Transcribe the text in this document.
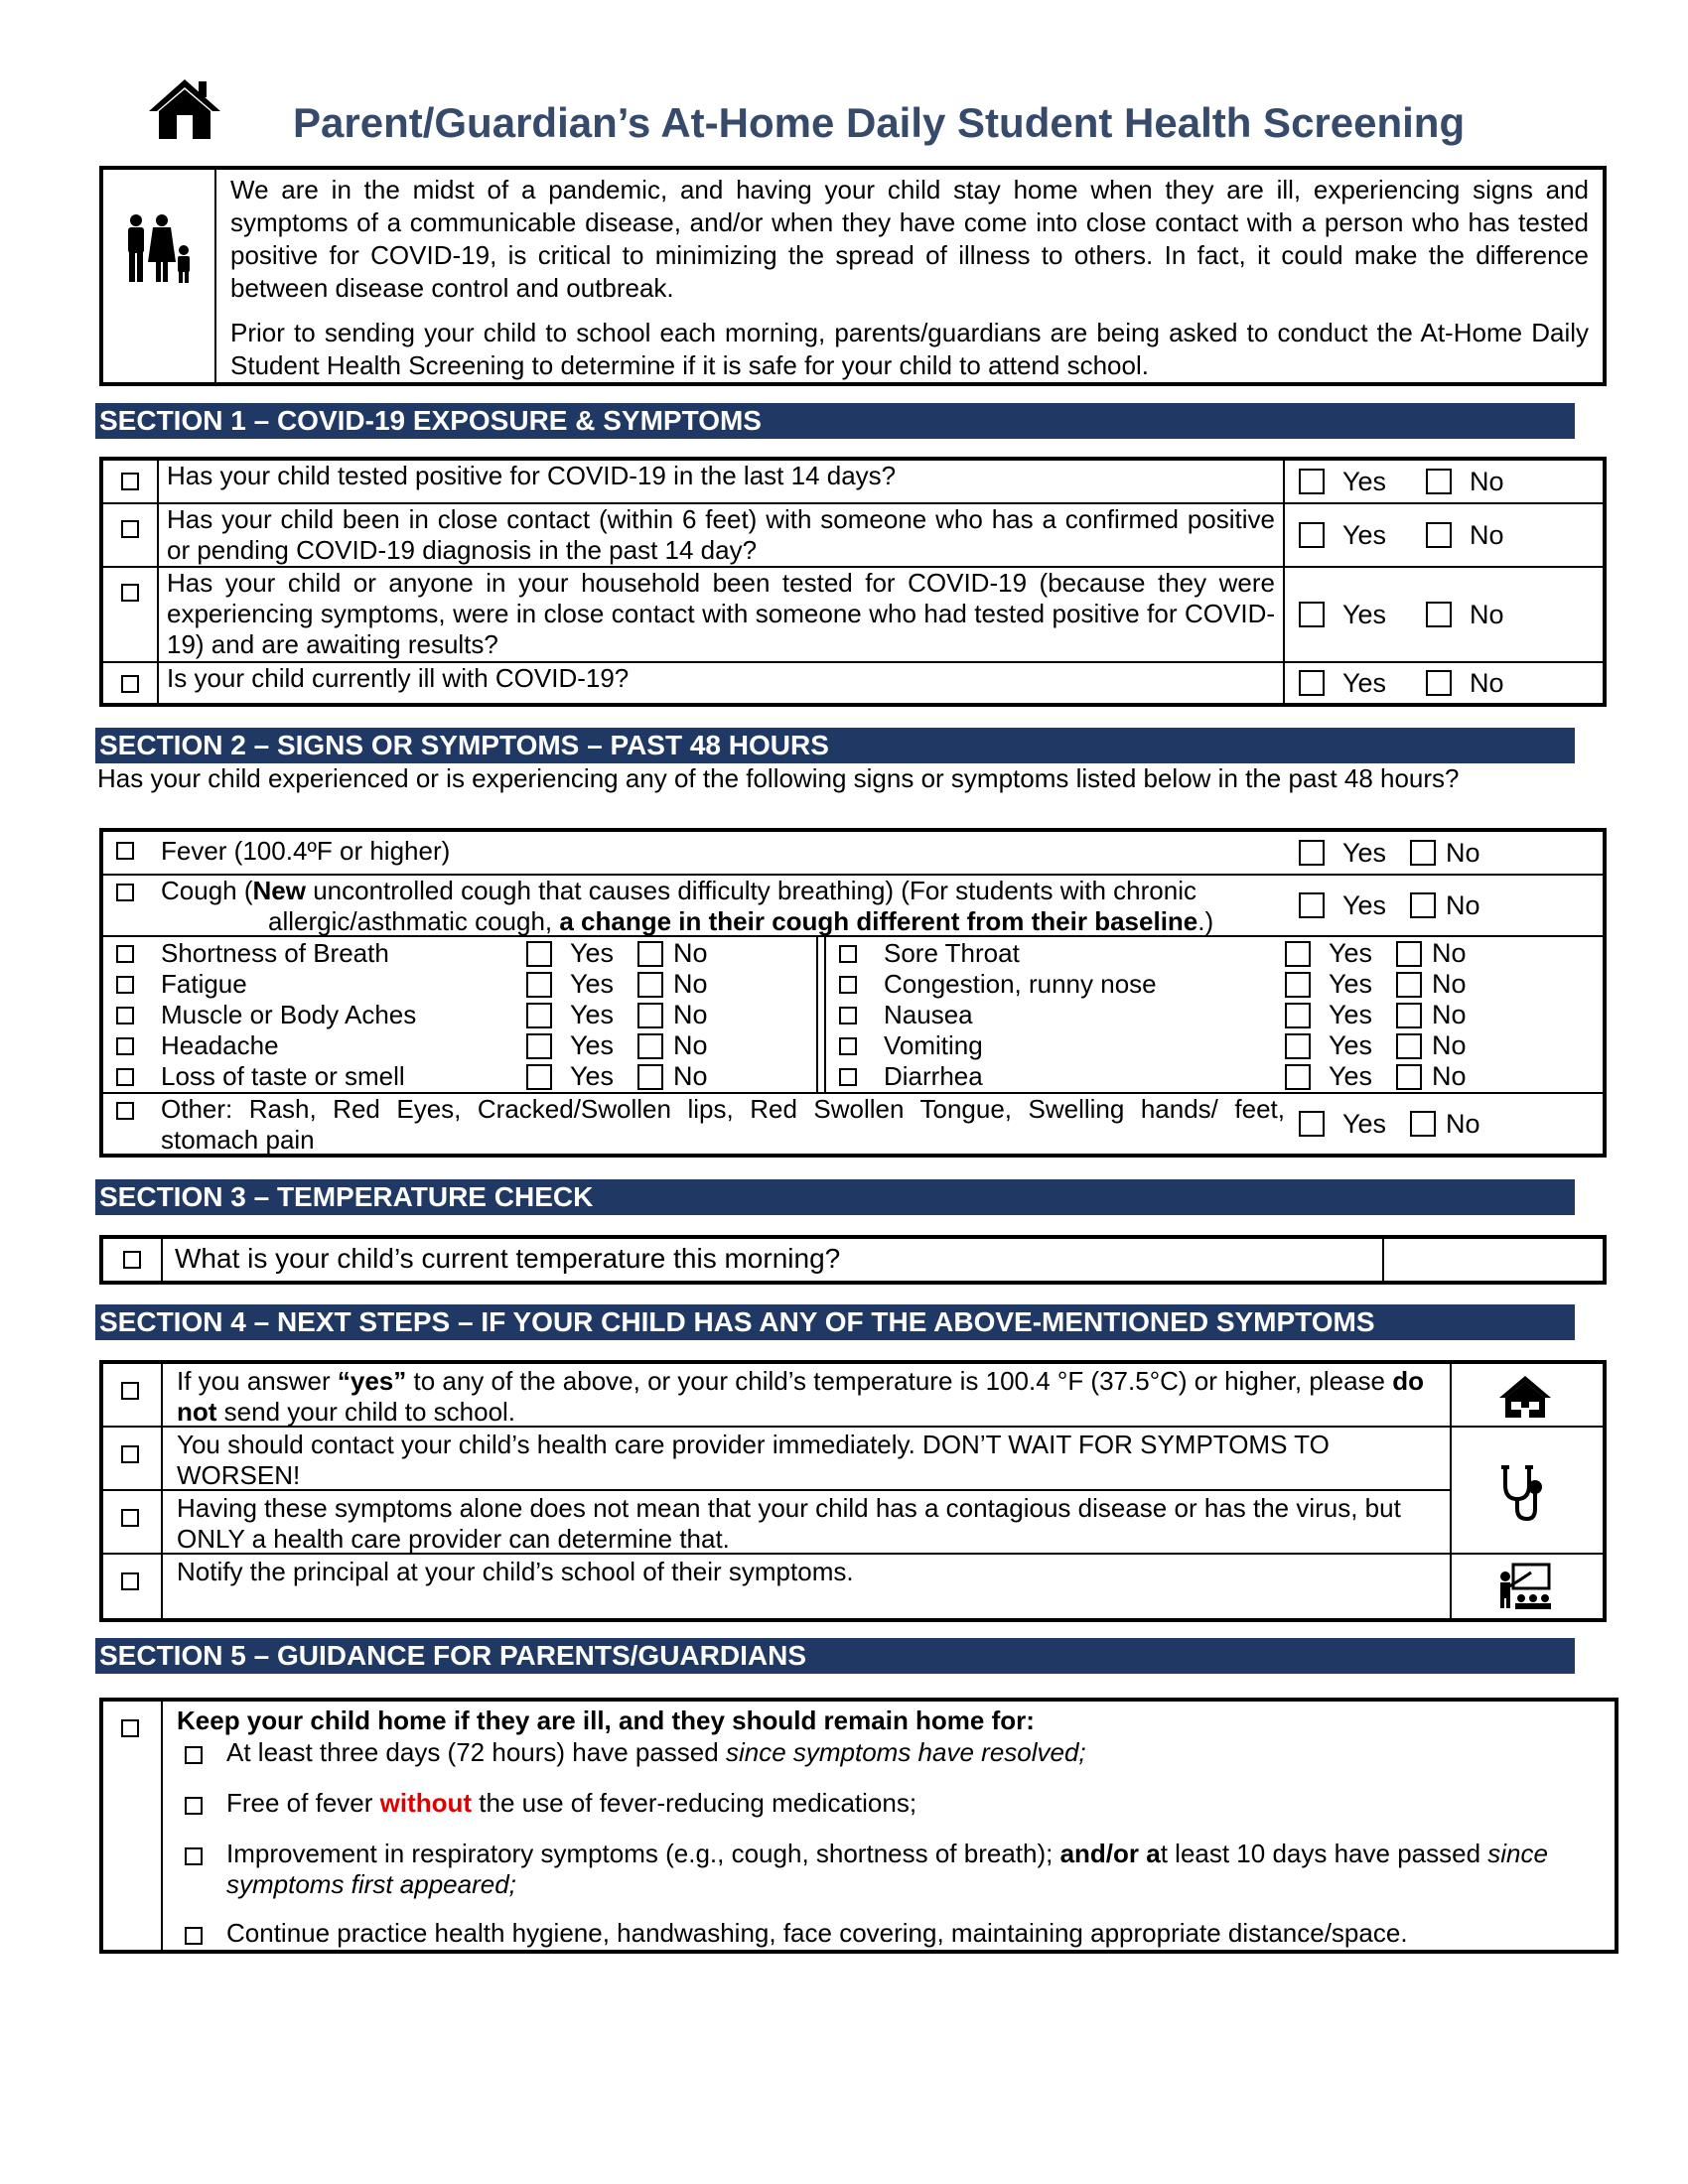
Parent/Guardian’s At-Home Daily Student Health Screening

We are in the midst of a pandemic, and having your child stay home when they are ill, experiencing signs and symptoms of a communicable disease, and/or when they have come into close contact with a person who has tested positive for COVID-19, is critical to minimizing the spread of illness to others. In fact, it could make the difference between disease control and outbreak.

Prior to sending your child to school each morning, parents/guardians are being asked to conduct the At-Home Daily Student Health Screening to determine if it is safe for your child to attend school.

SECTION 1 – COVID-19 EXPOSURE & SYMPTOMS
Has your child tested positive for COVID-19 in the last 14 days?	Yes	No
Has your child been in close contact (within 6 feet) with someone who has a confirmed positive or pending COVID-19 diagnosis in the past 14 day?
Yes	No
Has your child or anyone in your household been tested for COVID-19 (because they were experiencing symptoms, were in close contact with someone who had tested positive for COVID-19) and are awaiting results?
Yes	No
Is your child currently ill with COVID-19?	Yes	No
SECTION 2 – SIGNS OR SYMPTOMS – PAST 48 HOURS
Has your child experienced or is experiencing any of the following signs or symptoms listed below in the past 48 hours?
Fever (100.4ºF or higher)	Yes No
Cough (New uncontrolled cough that causes difficulty breathing) (For students with chronic
allergic/asthmatic cough, a change in their cough different from their baseline.)
Yes No
Shortness of Breath	Yes No
Fatigue	Yes No
Muscle or Body Aches	Yes No
Headache	Yes No
Loss of taste or smell	Yes No
Sore Throat	Yes No
Congestion, runny nose	Yes No
Nausea	Yes No
Vomiting	Yes No
Diarrhea	Yes No
Other: Rash, Red Eyes, Cracked/Swollen lips, Red Swollen Tongue, Swelling hands/ feet, stomach pain
Yes No
SECTION 3 – TEMPERATURE CHECK
What is your child’s current temperature this morning?
SECTION 4 – NEXT STEPS – IF YOUR CHILD HAS ANY OF THE ABOVE-MENTIONED SYMPTOMS
If you answer “yes” to any of the above, or your child’s temperature is 100.4 °F (37.5°C) or higher, please do not send your child to school.
You should contact your child’s health care provider immediately. DON’T WAIT FOR SYMPTOMS TO WORSEN!
Having these symptoms alone does not mean that your child has a contagious disease or has the virus, but ONLY a health care provider can determine that.
Notify the principal at your child’s school of their symptoms.
SECTION 5 – GUIDANCE FOR PARENTS/GUARDIANS
Keep your child home if they are ill, and they should remain home for:
At least three days (72 hours) have passed since symptoms have resolved;
Free of fever without the use of fever-reducing medications;
Improvement in respiratory symptoms (e.g., cough, shortness of breath); and/or at least 10 days have passed since symptoms first appeared;
Continue practice health hygiene, handwashing, face covering, maintaining appropriate distance/space.
